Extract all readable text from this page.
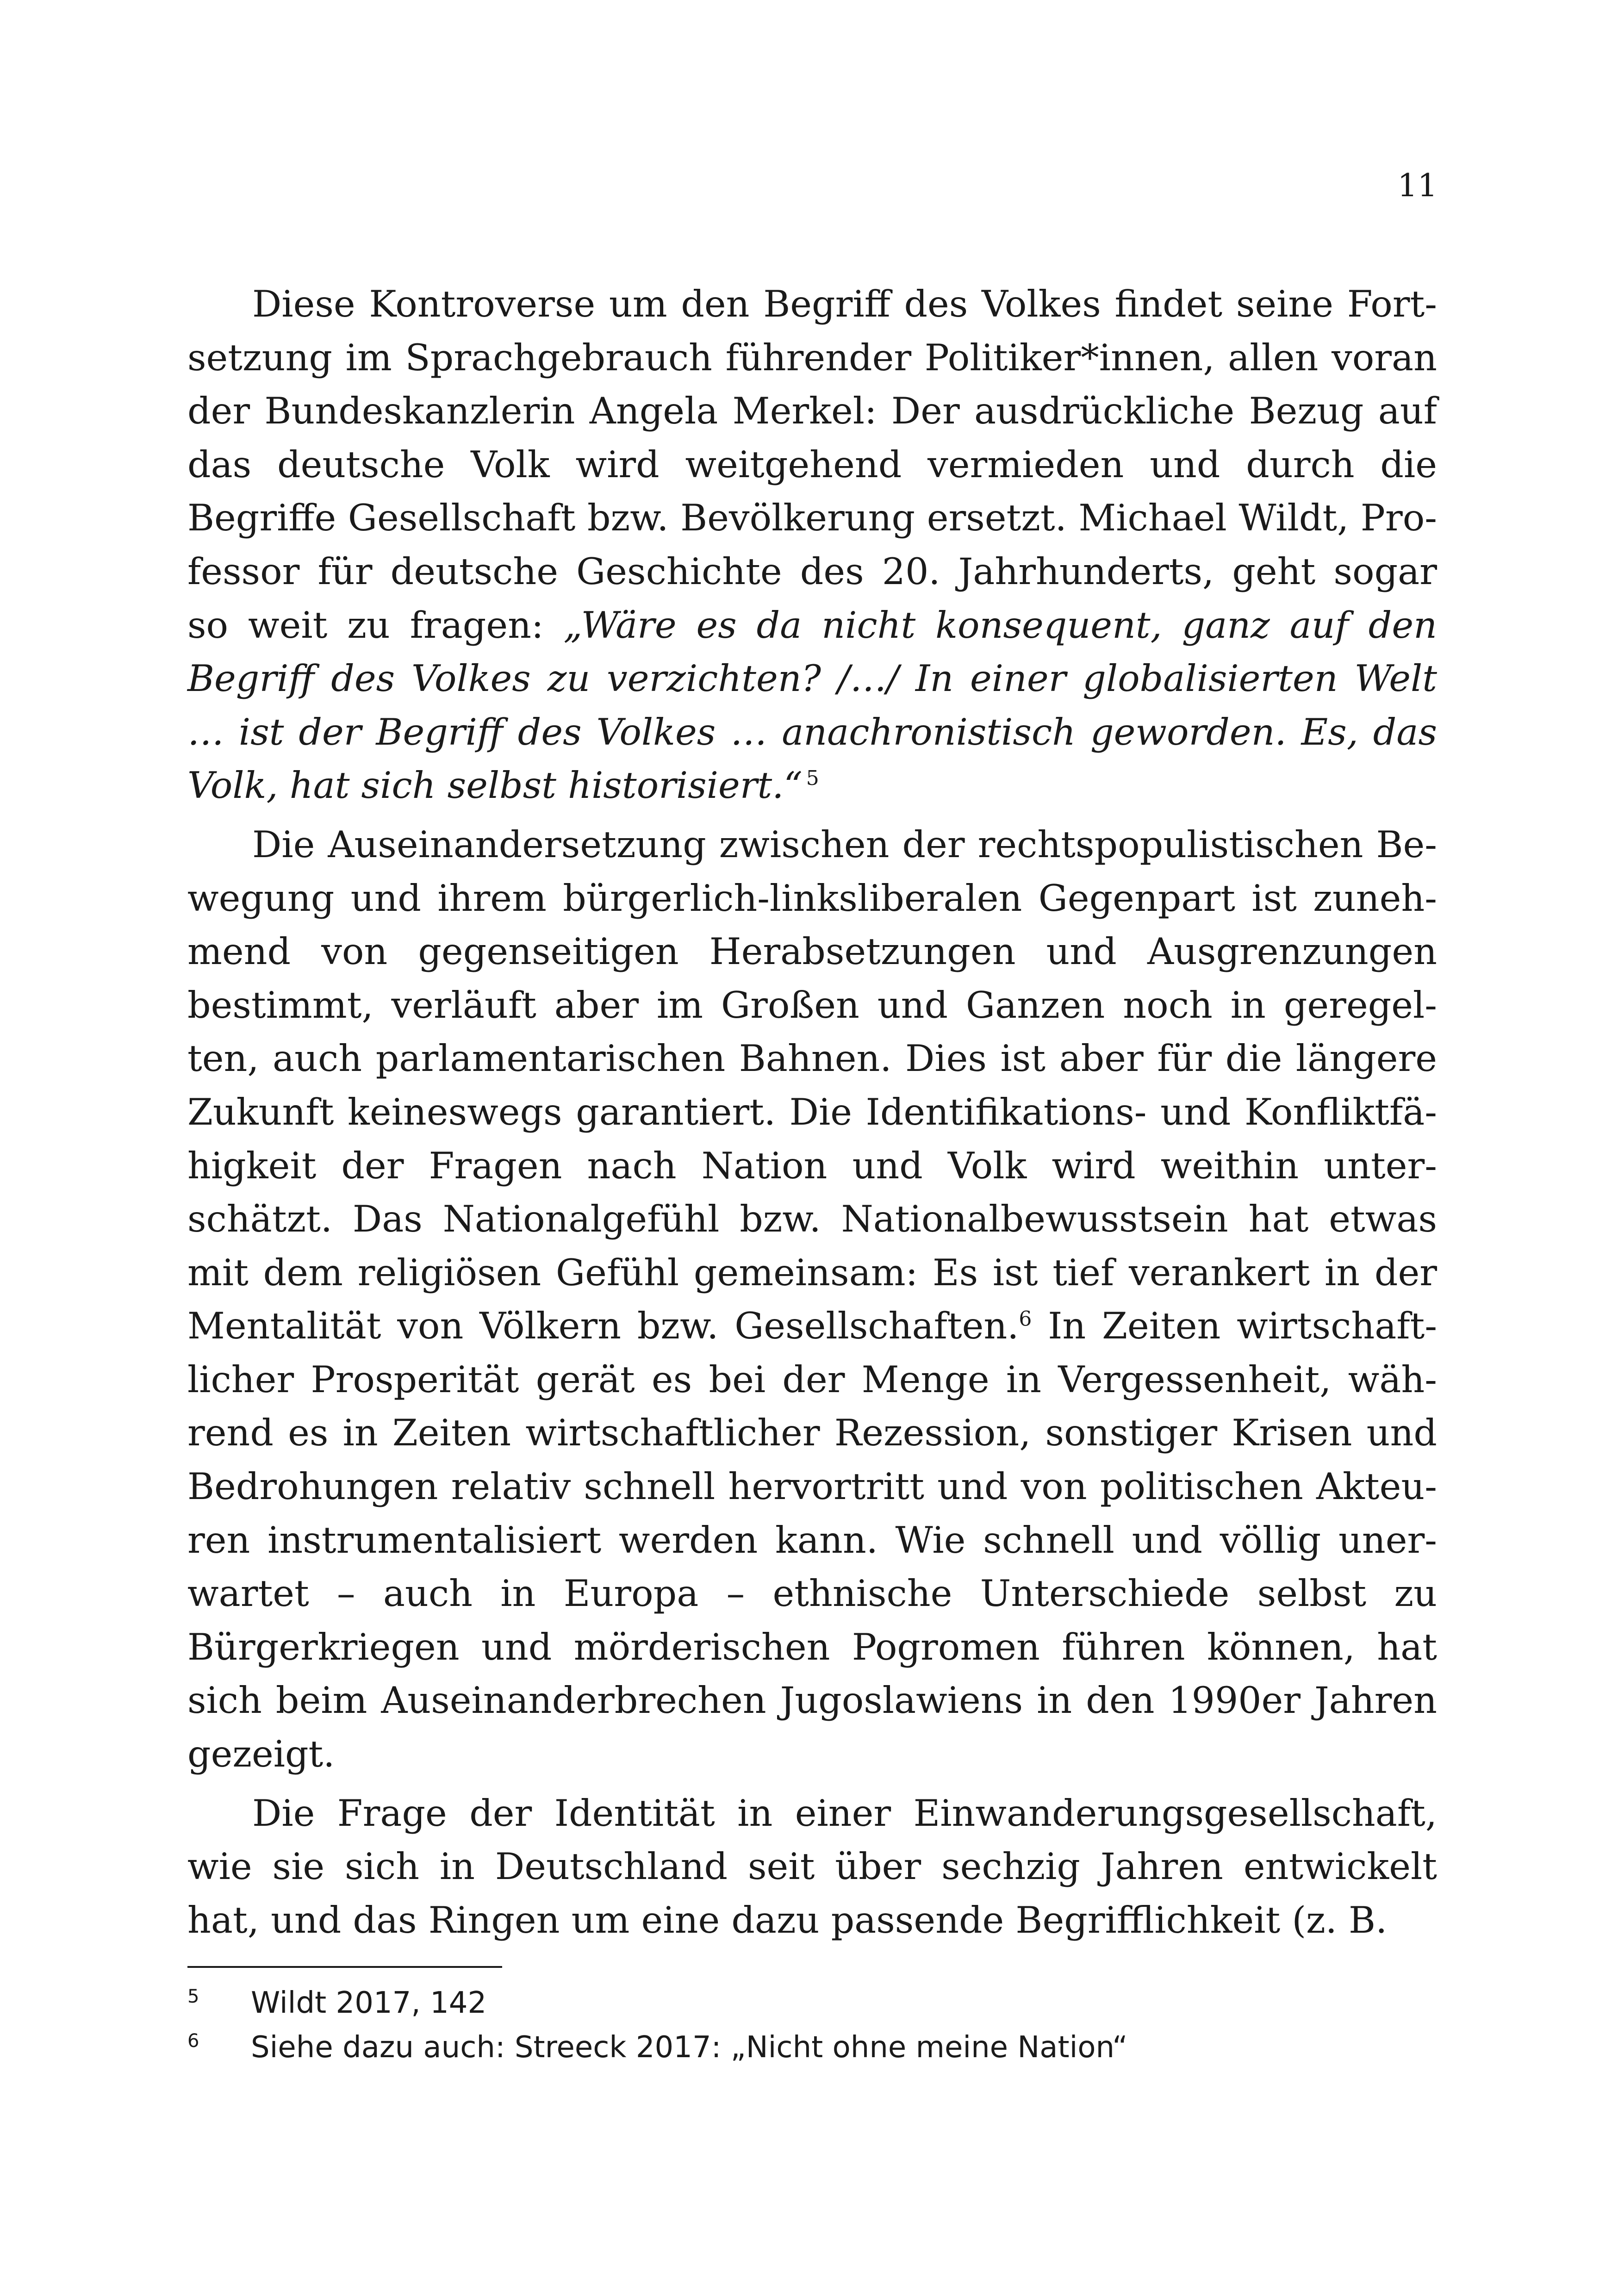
11

Diese Kontroverse um den Begriff des Volkes findet seine Fortsetzung im Sprachgebrauch führender Politiker*innen, allen voran der Bundeskanzlerin Angela Merkel: Der ausdrückliche Bezug auf das deutsche Volk wird weitgehend vermieden und durch die Begriffe Gesellschaft bzw. Bevölkerung ersetzt. Michael Wildt, Professor für deutsche Geschichte des 20. Jahrhunderts, geht sogar so weit zu fragen: „Wäre es da nicht konsequent, ganz auf den Begriff des Volkes zu verzichten? /…/ In einer globalisierten Welt … ist der Begriff des Volkes … anachronistisch geworden. Es, das Volk, hat sich selbst historisiert.“ $^5$

Die Auseinandersetzung zwischen der rechtspopulistischen Bewegung und ihrem bürgerlich-linksliberalen Gegenpart ist zunehmend von gegenseitigen Herabsetzungen und Ausgrenzungen bestimmt, verläuft aber im Großen und Ganzen noch in geregelten, auch parlamentarischen Bahnen. Dies ist aber für die längere Zukunft keineswegs garantiert. Die Identifikations- und Konfliktfähigkeit der Fragen nach Nation und Volk wird weithin unterschätzt. Das Nationalgefühl bzw. Nationalbewusstsein hat etwas mit dem religiösen Gefühl gemeinsam: Es ist tief verankert in der Mentalität von Völkern bzw. Gesellschaften.$^6$ In Zeiten wirtschaftlicher Prosperität gerät es bei der Menge in Vergessenheit, während es in Zeiten wirtschaftlicher Rezession, sonstiger Krisen und Bedrohungen relativ schnell hervortritt und von politischen Akteuren instrumentalisiert werden kann. Wie schnell und völlig unerwartet – auch in Europa – ethnische Unterschiede selbst zu Bürgerkriegen und mörderischen Pogromen führen können, hat sich beim Auseinanderbrechen Jugoslawiens in den 1990er Jahren gezeigt.

Die Frage der Identität in einer Einwanderungsgesellschaft, wie sie sich in Deutschland seit über sechzig Jahren entwickelt hat, und das Ringen um eine dazu passende Begrifflichkeit (z. B.

5 Wildt 2017, 142
6 Siehe dazu auch: Streeck 2017: „Nicht ohne meine Nation“
